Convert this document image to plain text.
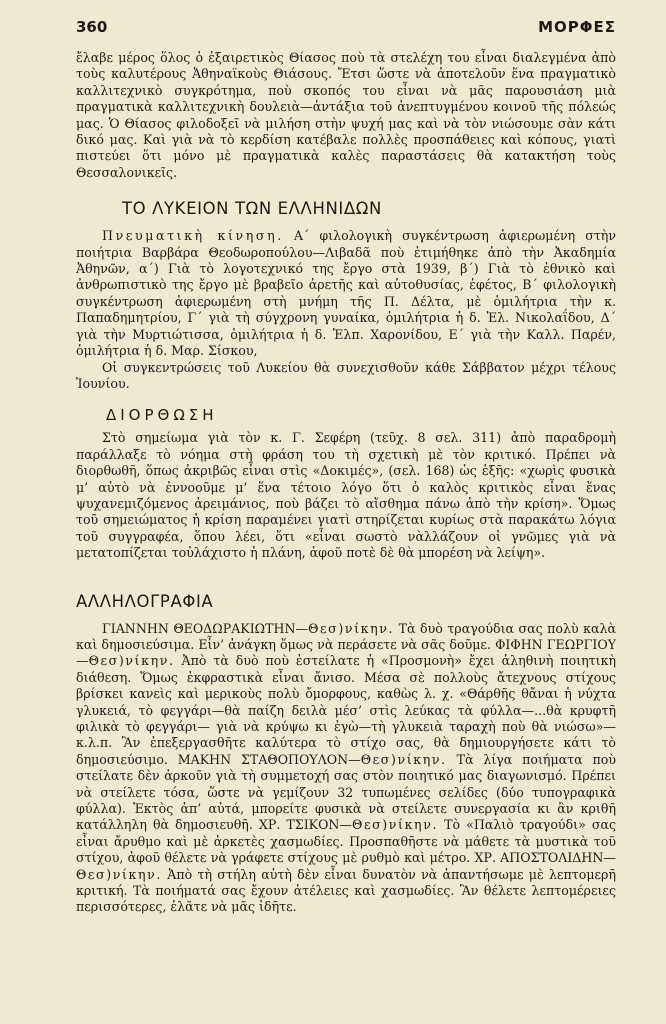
360	ΜΟΡΦΕΣ

ἔλαβε μέρος ὅλος ὁ ἐξαιρετικὸς Θίασος ποὺ τὰ στελέχη του εἶναι διαλεγμένα ἀπὸ τοὺς καλυτέρους Ἀθηναϊκοὺς Θιάσους. Ἔτσι ὥστε νὰ ἀποτελοῦν ἕνα πραγματικὸ καλλιτεχνικὸ συγκρότημα, ποὺ σκοπός του εἶναι νὰ μᾶς παρουσιάση μιὰ πραγματικὰ καλλιτεχνικὴ δουλειὰ—ἀντάξια τοῦ ἀνεπτυγμένου κοινοῦ τῆς πόλεώς μας. Ὁ Θίασος φιλοδοξεῖ νὰ μιλήση στὴν ψυχή μας καὶ νὰ τὸν νιώσουμε σὰν κάτι δικό μας. Καὶ γιὰ νὰ τὸ κερδίση κατέβαλε πολλὲς προσπάθειες καὶ κόπους, γιατὶ πιστεύει ὅτι μόνο μὲ πραγματικὰ καλὲς παραστάσεις θὰ κατακτήση τοὺς Θεσσαλονικεῖς.

ΤΟ ΛΥΚΕΙΟΝ ΤΩΝ ΕΛΛΗΝΙΔΩΝ

Πνευματικὴ κίνηση. Α΄ φιλολογικὴ συγκέντρωση ἀφιερωμένη στὴν ποιήτρια Βαρβάρα Θεοδωροπούλου—Λιβαδᾶ ποὺ ἐτιμήθηκε ἀπὸ τὴν Ἀκαδημία Ἀθηνῶν, α΄) Γιὰ τὸ λογοτεχνικό της ἔργο στὰ 1939, β΄) Γιὰ τὸ ἐθνικὸ καὶ ἀνθρωπιστικὸ της ἔργο μὲ βραβεῖο ἀρετῆς καὶ αὐτοθυσίας, ἐφέτος, Β΄ φιλολογικὴ συγκέντρωση ἀφιερωμένη στὴ μνήμη τῆς Π. Δέλτα, μὲ ὁμιλήτρια τὴν κ. Παπαδημητρίου, Γ΄ γιὰ τὴ σύγχρονη γυναίκα, ὁμιλήτρια ἡ δ. Ἑλ. Νικολαΐδου, Δ΄ γιὰ τὴν Μυρτιώτισσα, ὁμιλήτρια ἡ δ. Ἑλπ. Χαρονίδου, Ε΄ γιὰ τὴν Καλλ. Παρέν, ὁμιλήτρια ἡ δ. Μαρ. Σίσκου,

Οἱ συγκεντρώσεις τοῦ Λυκείου θὰ συνεχισθοῦν κάθε Σάββατον μέχρι τέλους Ἰουνίου.

ΔΙΟΡΘΩΣΗ

Στὸ σημείωμα γιὰ τὸν κ. Γ. Σεφέρη (τεῦχ. 8 σελ. 311) ἀπὸ παραδρομὴ παράλλαξε τὸ νόημα στὴ φράση του τὴ σχετικὴ μὲ τὸν κριτικό. Πρέπει νὰ διορθωθῆ, ὅπως ἀκριβῶς εἶναι στὶς «Δοκιμές», (σελ. 168) ὡς ἑξῆς: «χωρὶς φυσικὰ μ’ αὐτὸ νὰ ἐννοοῦμε μ’ ἕνα τέτοιο λόγο ὅτι ὁ καλὸς κριτικὸς εἶναι ἕνας ψυχανεμιζόμενος ἀρειμάνιος, ποὺ βάζει τὸ αἴσθημα πάνω ἀπὸ τὴν κρίση». Ὅμως τοῦ σημειώματος ἡ κρίση παραμένει γιατὶ στηρίζεται κυρίως στὰ παρακάτω λόγια τοῦ συγγραφέα, ὅπου λέει, ὅτι «εἶναι σωστὸ νὰλλάζουν οἱ γνῶμες γιὰ νὰ μετατοπίζεται τοὐλάχιστο ἡ πλάνη, ἀφοῦ ποτὲ δὲ θὰ μπορέση νὰ λείψη».

ΑΛΛΗΛΟΓΡΑΦΙΑ

ΓΙΑΝΝΗΝ ΘΕΟΔΩΡΑΚΙΩΤΗΝ—Θεσ)νίκην. Τὰ δυὸ τραγούδια σας πολὺ καλὰ καὶ δημοσιεύσιμα. Εἶν’ ἀνάγκη ὅμως νὰ περάσετε νὰ σᾶς δοῦμε. ΦΙΦΗΝ ΓΕΩΡΓΙΟΥ—Θεσ)νίκην. Ἀπὸ τὰ δυὸ ποὺ ἐστείλατε ἡ «Προσμονὴ» ἔχει ἀληθινὴ ποιητικὴ διάθεση. Ὅμως ἐκφραστικὰ εἶναι ἄνισο. Μέσα σὲ πολλοὺς ἄτεχνους στίχους βρίσκει κανεὶς καὶ μερικοὺς πολὺ ὄμορφους, καθὼς λ. χ. «Θάρθῆς θἄναι ἡ νύχτα γλυκειά, τὸ φεγγάρι—θὰ παίζη δειλὰ μέσ’ στὶς λεύκας τὰ φύλλα—...θὰ κρυφτῆ φιλικὰ τὸ φεγγάρι— γιὰ νὰ κρύψω κι ἐγὼ—τὴ γλυκειὰ ταραχὴ ποὺ θὰ νιώσω»—κ.λ.π. Ἂν ἐπεξεργασθῆτε καλύτερα τὸ στίχο σας, θὰ δημιουργήσετε κάτι τὸ δημοσιεύσιμο. ΜΑΚΗΝ ΣΤΑΘΟΠΟΥΛΟΝ—Θεσ)νίκην. Τὰ λίγα ποιήματα ποὺ στείλατε δὲν ἀρκοῦν γιὰ τὴ συμμετοχή σας στὸν ποιητικό μας διαγωνισμό. Πρέπει νὰ στείλετε τόσα, ὥστε νὰ γεμίζουν 32 τυπωμένες σελίδες (δύο τυπογραφικὰ φύλλα). Ἐκτὸς ἀπ’ αὐτά, μπορείτε φυσικὰ νὰ στείλετε συνεργασία κι ἂν κριθῆ κατάλληλη θὰ δημοσιευθῆ. ΧΡ. ΤΣΙΚΟΝ—Θεσ)νίκην. Τὸ «Παλιὸ τραγούδι» σας εἶναι ἄρυθμο καὶ μὲ ἀρκετὲς χασμωδίες. Προσπαθῆστε νὰ μάθετε τὰ μυστικὰ τοῦ στίχου, ἀφοῦ θέλετε νὰ γράφετε στίχους μὲ ρυθμὸ καὶ μέτρο. ΧΡ. ΑΠΟΣΤΟΛΙΔΗΝ—Θεσ)νίκην. Ἀπὸ τὴ στήλη αὐτὴ δὲν εἶναι δυνατὸν νὰ ἀπαντήσωμε μὲ λεπτομερῆ κριτική. Τὰ ποιήματά σας ἔχουν ἀτέλειες καὶ χασμωδίες. Ἂν θέλετε λεπτομέρειες περισσότερες, ἐλᾶτε νὰ μᾶς ἰδῆτε.
